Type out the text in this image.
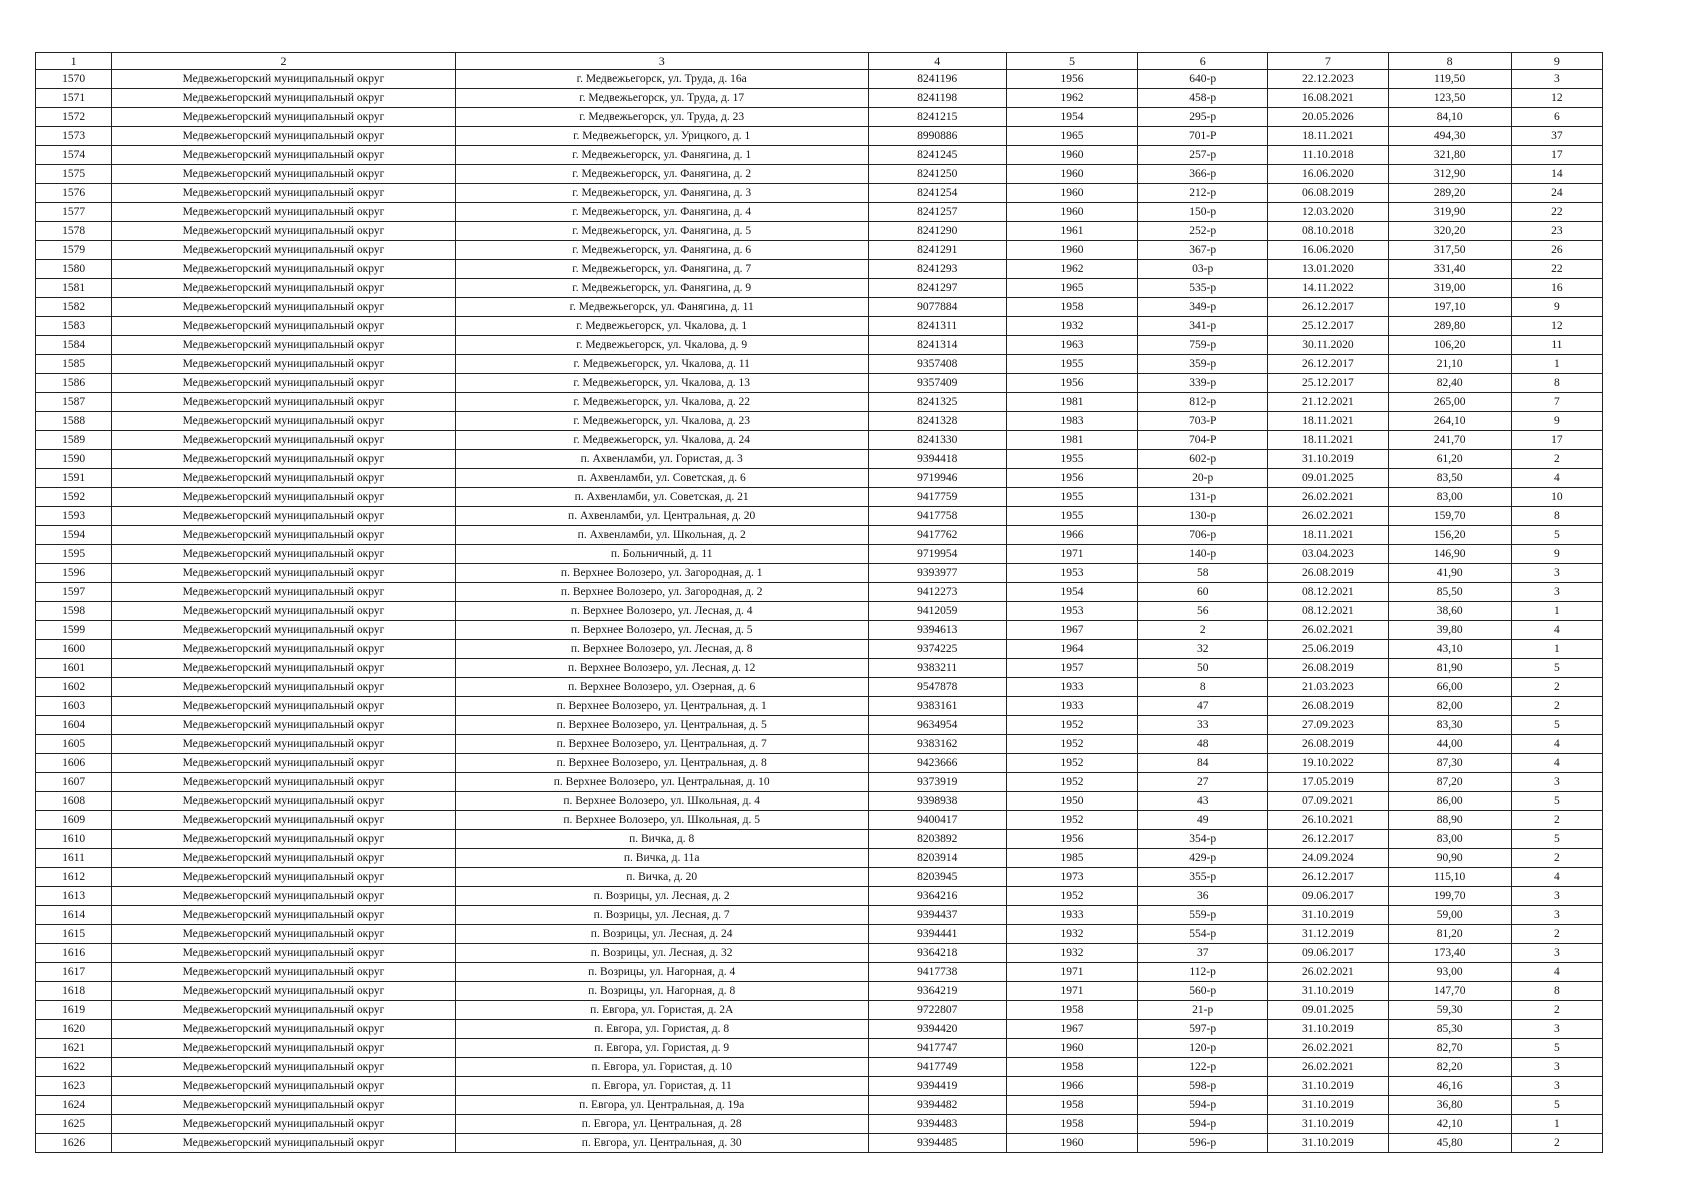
1	2	3	4	5	6	7	8	9
1570	Медвежьегорский муниципальный округ	г. Медвежьегорск, ул. Труда, д. 16а	8241196	1956	640-р	22.12.2023	119,50	3
1571	Медвежьегорский муниципальный округ	г. Медвежьегорск, ул. Труда, д. 17	8241198	1962	458-р	16.08.2021	123,50	12
1572	Медвежьегорский муниципальный округ	г. Медвежьегорск, ул. Труда, д. 23	8241215	1954	295-р	20.05.2026	84,10	6
1573	Медвежьегорский муниципальный округ	г. Медвежьегорск, ул. Урицкого, д. 1	8990886	1965	701-Р	18.11.2021	494,30	37
1574	Медвежьегорский муниципальный округ	г. Медвежьегорск, ул. Фанягина, д. 1	8241245	1960	257-р	11.10.2018	321,80	17
1575	Медвежьегорский муниципальный округ	г. Медвежьегорск, ул. Фанягина, д. 2	8241250	1960	366-р	16.06.2020	312,90	14
1576	Медвежьегорский муниципальный округ	г. Медвежьегорск, ул. Фанягина, д. 3	8241254	1960	212-р	06.08.2019	289,20	24
1577	Медвежьегорский муниципальный округ	г. Медвежьегорск, ул. Фанягина, д. 4	8241257	1960	150-р	12.03.2020	319,90	22
1578	Медвежьегорский муниципальный округ	г. Медвежьегорск, ул. Фанягина, д. 5	8241290	1961	252-р	08.10.2018	320,20	23
1579	Медвежьегорский муниципальный округ	г. Медвежьегорск, ул. Фанягина, д. 6	8241291	1960	367-р	16.06.2020	317,50	26
1580	Медвежьегорский муниципальный округ	г. Медвежьегорск, ул. Фанягина, д. 7	8241293	1962	03-р	13.01.2020	331,40	22
1581	Медвежьегорский муниципальный округ	г. Медвежьегорск, ул. Фанягина, д. 9	8241297	1965	535-р	14.11.2022	319,00	16
1582	Медвежьегорский муниципальный округ	г. Медвежьегорск, ул. Фанягина, д. 11	9077884	1958	349-р	26.12.2017	197,10	9
1583	Медвежьегорский муниципальный округ	г. Медвежьегорск, ул. Чкалова, д. 1	8241311	1932	341-р	25.12.2017	289,80	12
1584	Медвежьегорский муниципальный округ	г. Медвежьегорск, ул. Чкалова, д. 9	8241314	1963	759-р	30.11.2020	106,20	11
1585	Медвежьегорский муниципальный округ	г. Медвежьегорск, ул. Чкалова, д. 11	9357408	1955	359-р	26.12.2017	21,10	1
1586	Медвежьегорский муниципальный округ	г. Медвежьегорск, ул. Чкалова, д. 13	9357409	1956	339-р	25.12.2017	82,40	8
1587	Медвежьегорский муниципальный округ	г. Медвежьегорск, ул. Чкалова, д. 22	8241325	1981	812-р	21.12.2021	265,00	7
1588	Медвежьегорский муниципальный округ	г. Медвежьегорск, ул. Чкалова, д. 23	8241328	1983	703-Р	18.11.2021	264,10	9
1589	Медвежьегорский муниципальный округ	г. Медвежьегорск, ул. Чкалова, д. 24	8241330	1981	704-Р	18.11.2021	241,70	17
1590	Медвежьегорский муниципальный округ	п. Ахвенламби, ул. Гористая, д. 3	9394418	1955	602-р	31.10.2019	61,20	2
1591	Медвежьегорский муниципальный округ	п. Ахвенламби, ул. Советская, д. 6	9719946	1956	20-р	09.01.2025	83,50	4
1592	Медвежьегорский муниципальный округ	п. Ахвенламби, ул. Советская, д. 21	9417759	1955	131-р	26.02.2021	83,00	10
1593	Медвежьегорский муниципальный округ	п. Ахвенламби, ул. Центральная, д. 20	9417758	1955	130-р	26.02.2021	159,70	8
1594	Медвежьегорский муниципальный округ	п. Ахвенламби, ул. Школьная, д. 2	9417762	1966	706-р	18.11.2021	156,20	5
1595	Медвежьегорский муниципальный округ	п. Больничный, д. 11	9719954	1971	140-р	03.04.2023	146,90	9
1596	Медвежьегорский муниципальный округ	п. Верхнее Волозеро, ул. Загородная, д. 1	9393977	1953	58	26.08.2019	41,90	3
1597	Медвежьегорский муниципальный округ	п. Верхнее Волозеро, ул. Загородная, д. 2	9412273	1954	60	08.12.2021	85,50	3
1598	Медвежьегорский муниципальный округ	п. Верхнее Волозеро, ул. Лесная, д. 4	9412059	1953	56	08.12.2021	38,60	1
1599	Медвежьегорский муниципальный округ	п. Верхнее Волозеро, ул. Лесная, д. 5	9394613	1967	2	26.02.2021	39,80	4
1600	Медвежьегорский муниципальный округ	п. Верхнее Волозеро, ул. Лесная, д. 8	9374225	1964	32	25.06.2019	43,10	1
1601	Медвежьегорский муниципальный округ	п. Верхнее Волозеро, ул. Лесная, д. 12	9383211	1957	50	26.08.2019	81,90	5
1602	Медвежьегорский муниципальный округ	п. Верхнее Волозеро, ул. Озерная, д. 6	9547878	1933	8	21.03.2023	66,00	2
1603	Медвежьегорский муниципальный округ	п. Верхнее Волозеро, ул. Центральная, д. 1	9383161	1933	47	26.08.2019	82,00	2
1604	Медвежьегорский муниципальный округ	п. Верхнее Волозеро, ул. Центральная, д. 5	9634954	1952	33	27.09.2023	83,30	5
1605	Медвежьегорский муниципальный округ	п. Верхнее Волозеро, ул. Центральная, д. 7	9383162	1952	48	26.08.2019	44,00	4
1606	Медвежьегорский муниципальный округ	п. Верхнее Волозеро, ул. Центральная, д. 8	9423666	1952	84	19.10.2022	87,30	4
1607	Медвежьегорский муниципальный округ	п. Верхнее Волозеро, ул. Центральная, д. 10	9373919	1952	27	17.05.2019	87,20	3
1608	Медвежьегорский муниципальный округ	п. Верхнее Волозеро, ул. Школьная, д. 4	9398938	1950	43	07.09.2021	86,00	5
1609	Медвежьегорский муниципальный округ	п. Верхнее Волозеро, ул. Школьная, д. 5	9400417	1952	49	26.10.2021	88,90	2
1610	Медвежьегорский муниципальный округ	п. Вичка, д. 8	8203892	1956	354-р	26.12.2017	83,00	5
1611	Медвежьегорский муниципальный округ	п. Вичка, д. 11а	8203914	1985	429-р	24.09.2024	90,90	2
1612	Медвежьегорский муниципальный округ	п. Вичка, д. 20	8203945	1973	355-р	26.12.2017	115,10	4
1613	Медвежьегорский муниципальный округ	п. Возрицы, ул. Лесная, д. 2	9364216	1952	36	09.06.2017	199,70	3
1614	Медвежьегорский муниципальный округ	п. Возрицы, ул. Лесная, д. 7	9394437	1933	559-р	31.10.2019	59,00	3
1615	Медвежьегорский муниципальный округ	п. Возрицы, ул. Лесная, д. 24	9394441	1932	554-р	31.12.2019	81,20	2
1616	Медвежьегорский муниципальный округ	п. Возрицы, ул. Лесная, д. 32	9364218	1932	37	09.06.2017	173,40	3
1617	Медвежьегорский муниципальный округ	п. Возрицы, ул. Нагорная, д. 4	9417738	1971	112-р	26.02.2021	93,00	4
1618	Медвежьегорский муниципальный округ	п. Возрицы, ул. Нагорная, д. 8	9364219	1971	560-р	31.10.2019	147,70	8
1619	Медвежьегорский муниципальный округ	п. Евгора, ул. Гористая, д. 2А	9722807	1958	21-р	09.01.2025	59,30	2
1620	Медвежьегорский муниципальный округ	п. Евгора, ул. Гористая, д. 8	9394420	1967	597-р	31.10.2019	85,30	3
1621	Медвежьегорский муниципальный округ	п. Евгора, ул. Гористая, д. 9	9417747	1960	120-р	26.02.2021	82,70	5
1622	Медвежьегорский муниципальный округ	п. Евгора, ул. Гористая, д. 10	9417749	1958	122-р	26.02.2021	82,20	3
1623	Медвежьегорский муниципальный округ	п. Евгора, ул. Гористая, д. 11	9394419	1966	598-р	31.10.2019	46,16	3
1624	Медвежьегорский муниципальный округ	п. Евгора, ул. Центральная, д. 19а	9394482	1958	594-р	31.10.2019	36,80	5
1625	Медвежьегорский муниципальный округ	п. Евгора, ул. Центральная, д. 28	9394483	1958	594-р	31.10.2019	42,10	1
1626	Медвежьегорский муниципальный округ	п. Евгора, ул. Центральная, д. 30	9394485	1960	596-р	31.10.2019	45,80	2
